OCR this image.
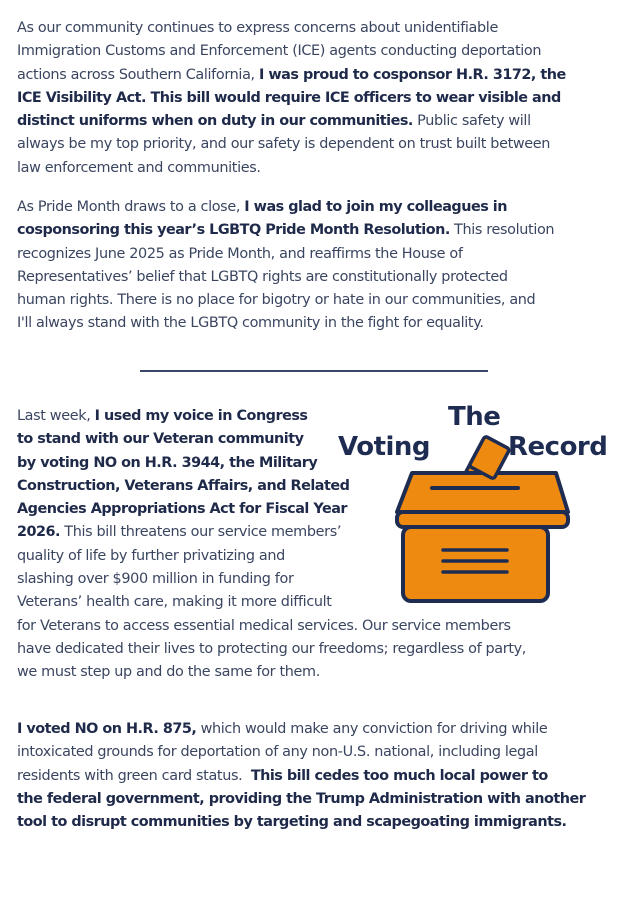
As our community continues to express concerns about unidentifiable
Immigration Customs and Enforcement (ICE) agents conducting deportation
actions across Southern California, I was proud to cosponsor H.R. 3172, the
ICE Visibility Act. This bill would require ICE officers to wear visible and
distinct uniforms when on duty in our communities. Public safety will
always be my top priority, and our safety is dependent on trust built between
law enforcement and communities.
As Pride Month draws to a close, I was glad to join my colleagues in
cosponsoring this year’s LGBTQ Pride Month Resolution. This resolution
recognizes June 2025 as Pride Month, and reaffirms the House of
Representatives’ belief that LGBTQ rights are constitutionally protected
human rights. There is no place for bigotry or hate in our communities, and
I'll always stand with the LGBTQ community in the fight for equality.
Last week, I used my voice in Congress
to stand with our Veteran community
by voting NO on H.R. 3944, the Military
Construction, Veterans Affairs, and Related
Agencies Appropriations Act for Fiscal Year
2026. This bill threatens our service members’
quality of life by further privatizing and
slashing over $900 million in funding for
Veterans’ health care, making it more difficult
for Veterans to access essential medical services. Our service members
have dedicated their lives to protecting our freedoms; regardless of party,
we must step up and do the same for them.
The
Voting	Record
I voted NO on H.R. 875, which would make any conviction for driving while
intoxicated grounds for deportation of any non-U.S. national, including legal
residents with green card status.  This bill cedes too much local power to
the federal government, providing the Trump Administration with another
tool to disrupt communities by targeting and scapegoating immigrants.
